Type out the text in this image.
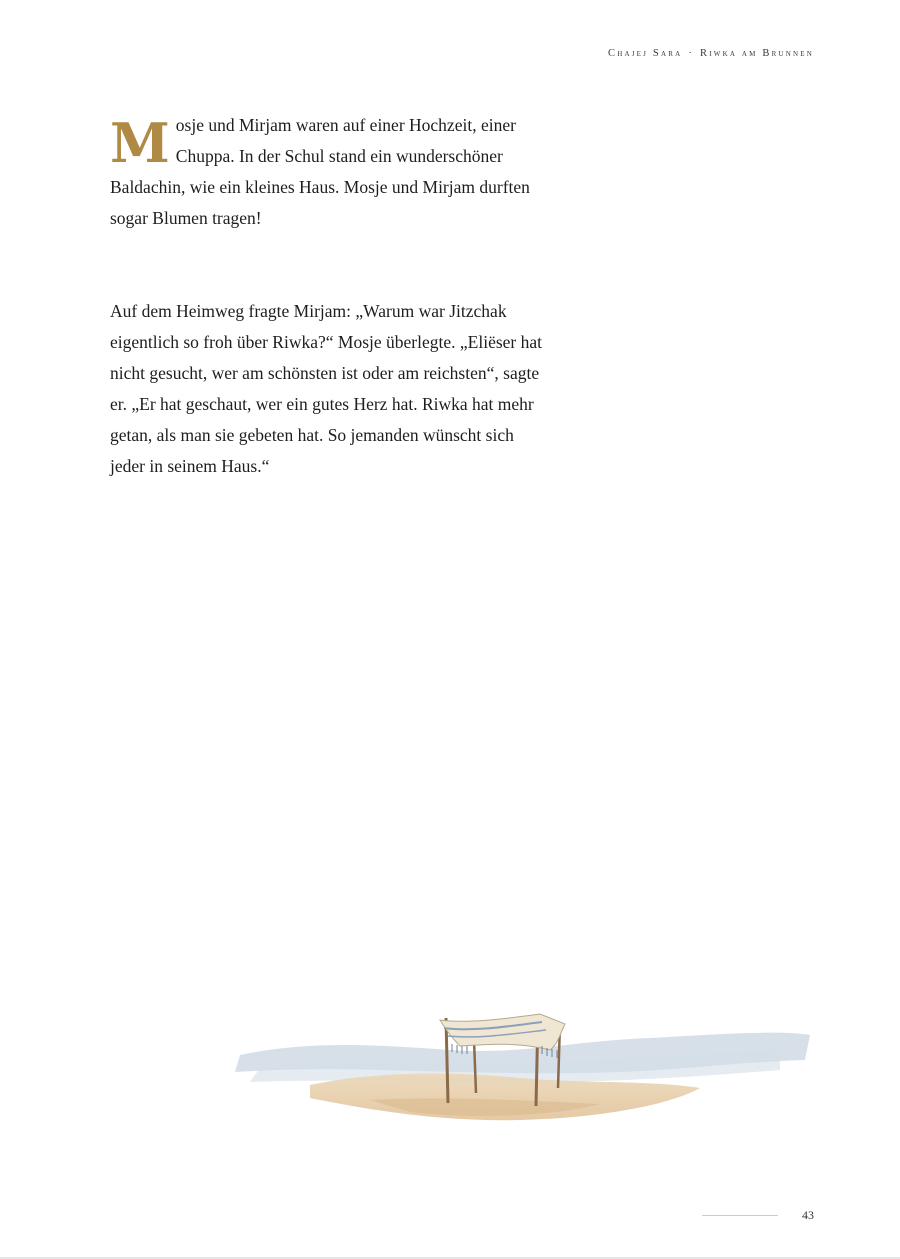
Chajej Sara · Riwka am Brunnen

Mosje und Mirjam waren auf einer Hochzeit, einer Chuppa. In der Schul stand ein wunderschöner Baldachin, wie ein kleines Haus. Mosje und Mirjam durften sogar Blumen tragen!

Auf dem Heimweg fragte Mirjam: „Warum war Jitzchak eigentlich so froh über Riwka?“ Mosje überlegte. „Eliëser hat nicht gesucht, wer am schönsten ist oder am reichsten“, sagte er. „Er hat geschaut, wer ein gutes Herz hat. Riwka hat mehr getan, als man sie gebeten hat. So jemanden wünscht sich jeder in seinem Haus.“

43
